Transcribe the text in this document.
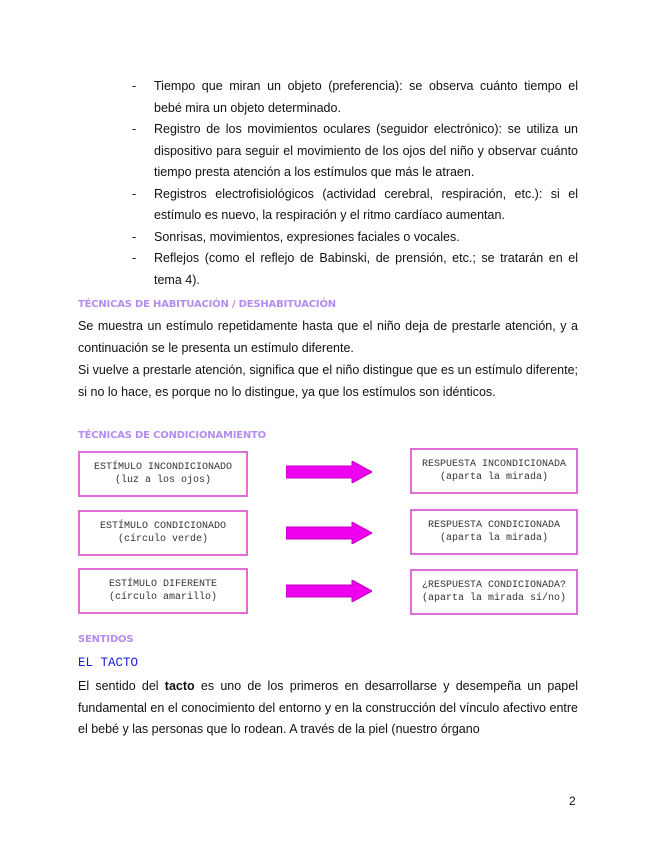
- Tiempo que miran un objeto (preferencia): se observa cuánto tiempo el bebé mira un objeto determinado.
- Registro de los movimientos oculares (seguidor electrónico): se utiliza un dispositivo para seguir el movimiento de los ojos del niño y observar cuánto tiempo presta atención a los estímulos que más le atraen.
- Registros electrofisiológicos (actividad cerebral, respiración, etc.): si el estímulo es nuevo, la respiración y el ritmo cardíaco aumentan.
- Sonrisas, movimientos, expresiones faciales o vocales.
- Reflejos (como el reflejo de Babinski, de prensión, etc.; se tratarán en el tema 4).
TÉCNICAS DE HABITUACIÓN / DESHABITUACIÓN

Se muestra un estímulo repetidamente hasta que el niño deja de prestarle atención, y a continuación se le presenta un estímulo diferente.

Si vuelve a prestarle atención, significa que el niño distingue que es un estímulo diferente; si no lo hace, es porque no lo distingue, ya que los estímulos son idénticos.

TÉCNICAS DE CONDICIONAMIENTO
ESTÍMULO INCONDICIONADO
(luz a los ojos)
RESPUESTA INCONDICIONADA
(aparta la mirada)
ESTÍMULO CONDICIONADO
(círculo verde)
RESPUESTA CONDICIONADA
(aparta la mirada)
ESTÍMULO DIFERENTE
(círculo amarillo)
¿RESPUESTA CONDICIONADA?
(aparta la mirada sí/no)
SENTIDOS
EL TACTO

El sentido del tacto es uno de los primeros en desarrollarse y desempeña un papel fundamental en el conocimiento del entorno y en la construcción del vínculo afectivo entre el bebé y las personas que lo rodean. A través de la piel (nuestro órgano

2
